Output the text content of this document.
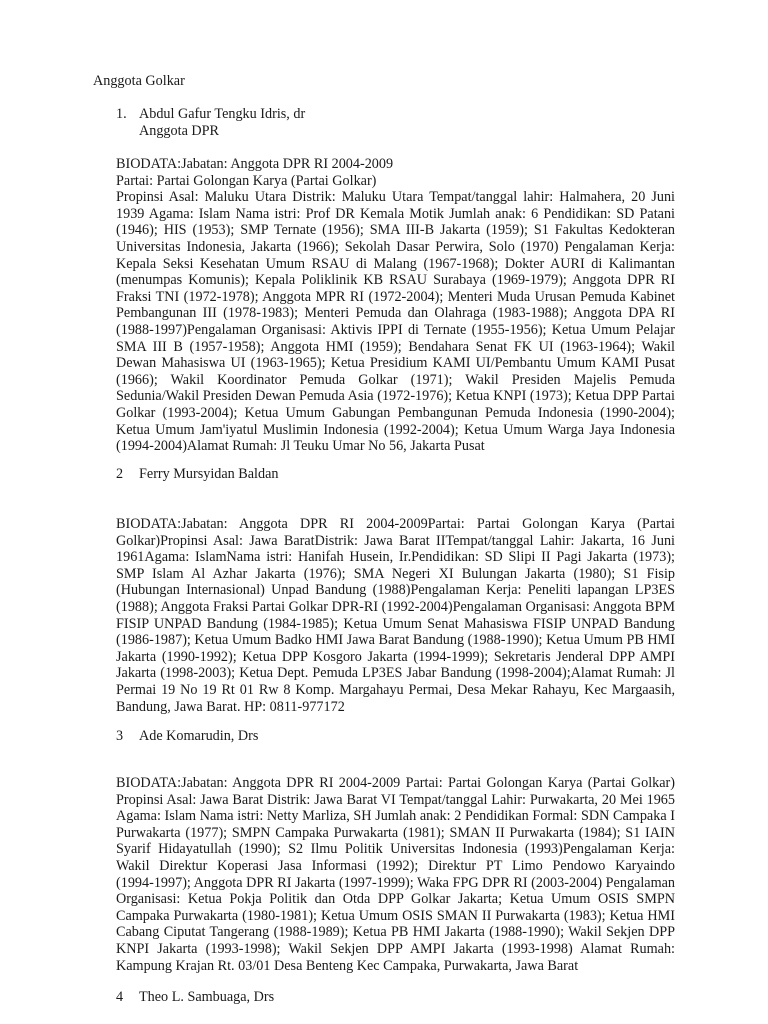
Anggota Golkar

1. Abdul Gafur Tengku Idris, dr

Anggota DPR

BIODATA:Jabatan: Anggota DPR RI 2004-2009
Partai: Partai Golongan Karya (Partai Golkar)
Propinsi Asal: Maluku Utara Distrik: Maluku Utara Tempat/tanggal lahir: Halmahera, 20 Juni
1939 Agama: Islam Nama istri: Prof DR Kemala Motik Jumlah anak: 6 Pendidikan: SD Patani
(1946); HIS (1953); SMP Ternate (1956); SMA III-B Jakarta (1959); S1 Fakultas Kedokteran
Universitas Indonesia, Jakarta (1966); Sekolah Dasar Perwira, Solo (1970) Pengalaman Kerja:
Kepala Seksi Kesehatan Umum RSAU di Malang (1967-1968); Dokter AURI di Kalimantan
(menumpas Komunis); Kepala Poliklinik KB RSAU Surabaya (1969-1979); Anggota DPR RI
Fraksi TNI (1972-1978); Anggota MPR RI (1972-2004); Menteri Muda Urusan Pemuda Kabinet
Pembangunan III (1978-1983); Menteri Pemuda dan Olahraga (1983-1988); Anggota DPA RI
(1988-1997)Pengalaman Organisasi: Aktivis IPPI di Ternate (1955-1956); Ketua Umum Pelajar
SMA III B (1957-1958); Anggota HMI (1959); Bendahara Senat FK UI (1963-1964); Wakil
Dewan Mahasiswa UI (1963-1965); Ketua Presidium KAMI UI/Pembantu Umum KAMI Pusat
(1966); Wakil Koordinator Pemuda Golkar (1971); Wakil Presiden Majelis Pemuda
Sedunia/Wakil Presiden Dewan Pemuda Asia (1972-1976); Ketua KNPI (1973); Ketua DPP Partai
Golkar (1993-2004); Ketua Umum Gabungan Pembangunan Pemuda Indonesia (1990-2004);
Ketua Umum Jam'iyatul Muslimin Indonesia (1992-2004); Ketua Umum Warga Jaya Indonesia
(1994-2004)Alamat Rumah: Jl Teuku Umar No 56, Jakarta Pusat

2 Ferry Mursyidan Baldan

BIODATA:Jabatan: Anggota DPR RI 2004-2009Partai: Partai Golongan Karya (Partai
Golkar)Propinsi Asal: Jawa BaratDistrik: Jawa Barat IITempat/tanggal Lahir: Jakarta, 16 Juni
1961Agama: IslamNama istri: Hanifah Husein, Ir.Pendidikan: SD Slipi II Pagi Jakarta (1973);
SMP Islam Al Azhar Jakarta (1976); SMA Negeri XI Bulungan Jakarta (1980); S1 Fisip
(Hubungan Internasional) Unpad Bandung (1988)Pengalaman Kerja: Peneliti lapangan LP3ES
(1988); Anggota Fraksi Partai Golkar DPR-RI (1992-2004)Pengalaman Organisasi: Anggota BPM
FISIP UNPAD Bandung (1984-1985); Ketua Umum Senat Mahasiswa FISIP UNPAD Bandung
(1986-1987); Ketua Umum Badko HMI Jawa Barat Bandung (1988-1990); Ketua Umum PB HMI
Jakarta (1990-1992); Ketua DPP Kosgoro Jakarta (1994-1999); Sekretaris Jenderal DPP AMPI
Jakarta (1998-2003); Ketua Dept. Pemuda LP3ES Jabar Bandung (1998-2004);Alamat Rumah: Jl
Permai 19 No 19 Rt 01 Rw 8 Komp. Margahayu Permai, Desa Mekar Rahayu, Kec Margaasih,
Bandung, Jawa Barat. HP: 0811-977172

3 Ade Komarudin, Drs

BIODATA:Jabatan: Anggota DPR RI 2004-2009 Partai: Partai Golongan Karya (Partai Golkar)
Propinsi Asal: Jawa Barat Distrik: Jawa Barat VI Tempat/tanggal Lahir: Purwakarta, 20 Mei 1965
Agama: Islam Nama istri: Netty Marliza, SH Jumlah anak: 2 Pendidikan Formal: SDN Campaka I
Purwakarta (1977); SMPN Campaka Purwakarta (1981); SMAN II Purwakarta (1984); S1 IAIN
Syarif Hidayatullah (1990); S2 Ilmu Politik Universitas Indonesia (1993)Pengalaman Kerja:
Wakil Direktur Koperasi Jasa Informasi (1992); Direktur PT Limo Pendowo Karyaindo
(1994-1997); Anggota DPR RI Jakarta (1997-1999); Waka FPG DPR RI (2003-2004) Pengalaman
Organisasi: Ketua Pokja Politik dan Otda DPP Golkar Jakarta; Ketua Umum OSIS SMPN
Campaka Purwakarta (1980-1981); Ketua Umum OSIS SMAN II Purwakarta (1983); Ketua HMI
Cabang Ciputat Tangerang (1988-1989); Ketua PB HMI Jakarta (1988-1990); Wakil Sekjen DPP
KNPI Jakarta (1993-1998); Wakil Sekjen DPP AMPI Jakarta (1993-1998) Alamat Rumah:
Kampung Krajan Rt. 03/01 Desa Benteng Kec Campaka, Purwakarta, Jawa Barat

4 Theo L. Sambuaga, Drs
